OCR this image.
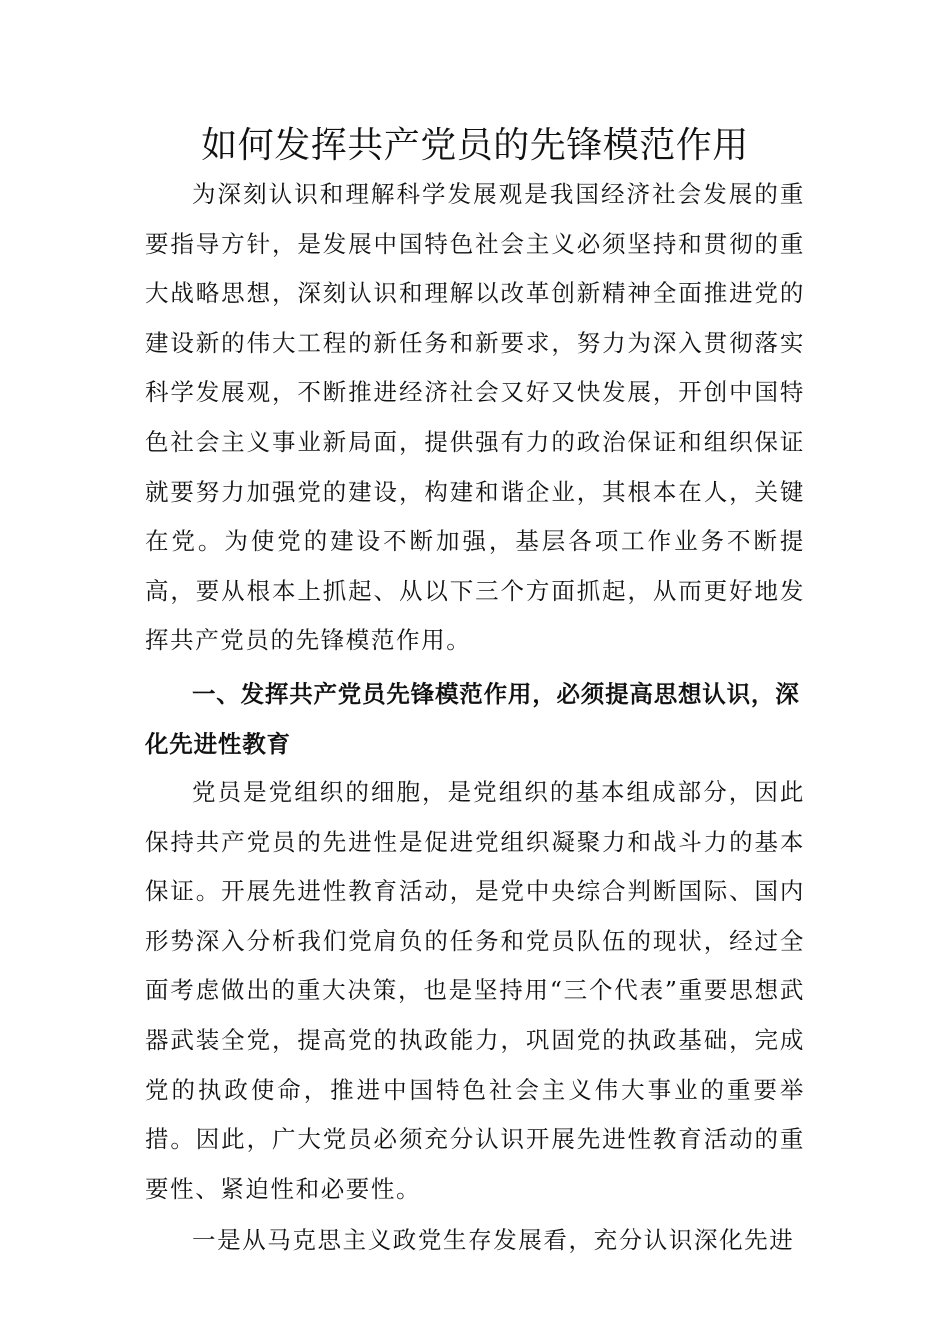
如何发挥共产党员的先锋模范作用

为深刻认识和理解科学发展观是我国经济社会发展的重要指导方针，是发展中国特色社会主义必须坚持和贯彻的重大战略思想，深刻认识和理解以改革创新精神全面推进党的建设新的伟大工程的新任务和新要求，努力为深入贯彻落实科学发展观，不断推进经济社会又好又快发展，开创中国特色社会主义事业新局面，提供强有力的政治保证和组织保证就要努力加强党的建设，构建和谐企业，其根本在人，关键在党。为使党的建设不断加强，基层各项工作业务不断提高，要从根本上抓起、从以下三个方面抓起，从而更好地发挥共产党员的先锋模范作用。

一、发挥共产党员先锋模范作用，必须提高思想认识，深化先进性教育

党员是党组织的细胞，是党组织的基本组成部分，因此保持共产党员的先进性是促进党组织凝聚力和战斗力的基本保证。开展先进性教育活动，是党中央综合判断国际、国内形势深入分析我们党肩负的任务和党员队伍的现状，经过全面考虑做出的重大决策，也是坚持用“三个代表”重要思想武器武装全党，提高党的执政能力，巩固党的执政基础，完成党的执政使命，推进中国特色社会主义伟大事业的重要举措。因此，广大党员必须充分认识开展先进性教育活动的重要性、紧迫性和必要性。

一是从马克思主义政党生存发展看，充分认识深化先进
